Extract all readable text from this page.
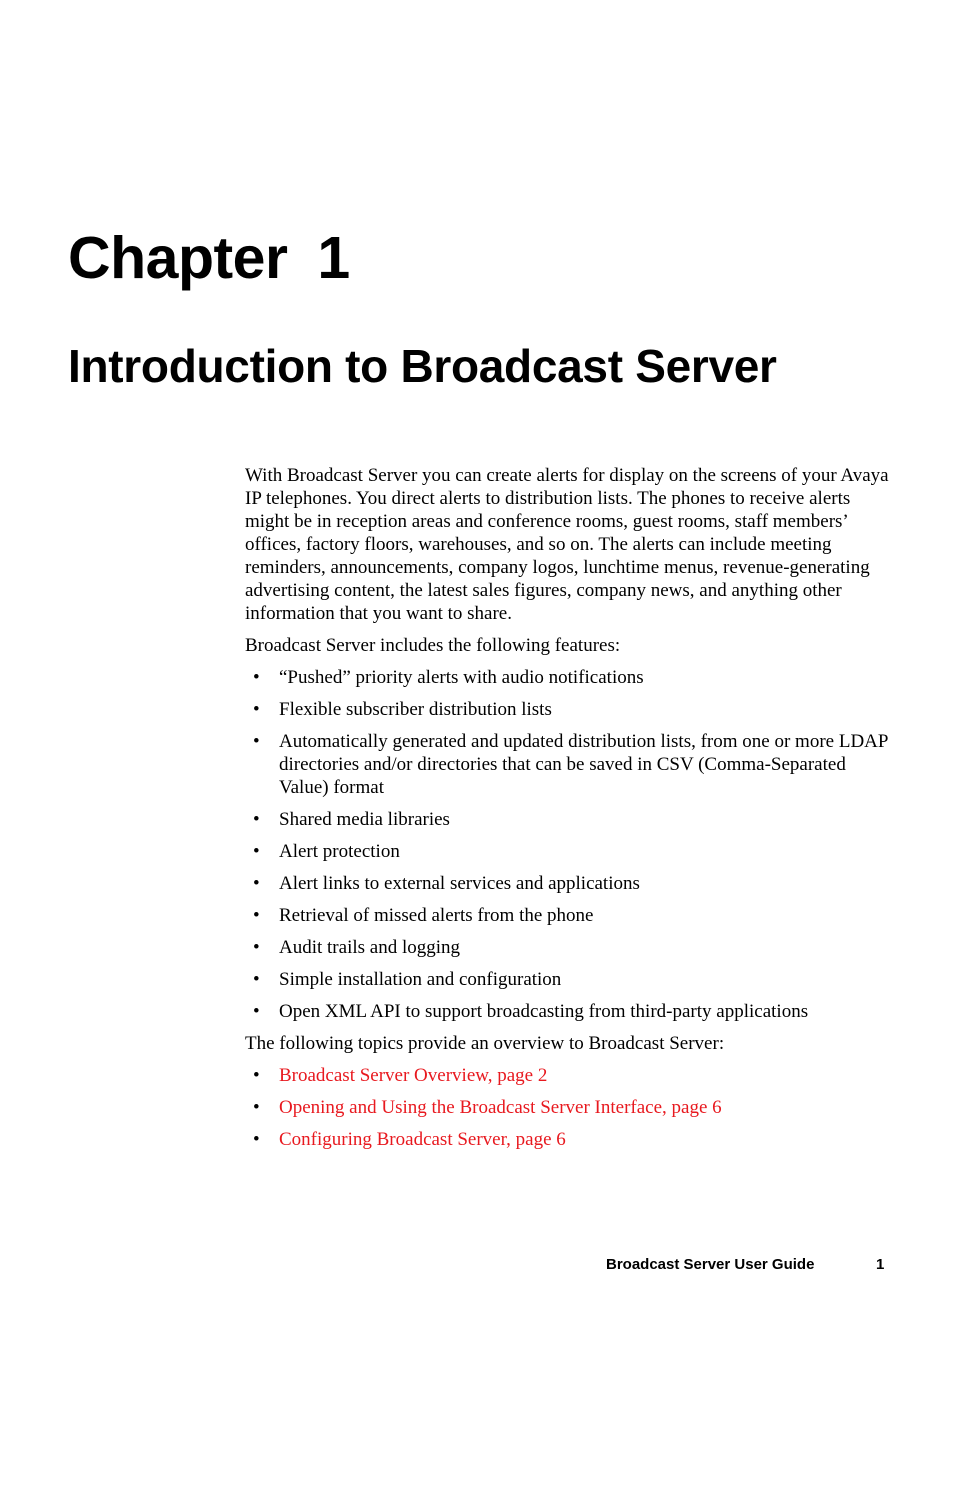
Chapter 1
Introduction to Broadcast Server

With Broadcast Server you can create alerts for display on the screens of your Avaya IP telephones. You direct alerts to distribution lists. The phones to receive alerts might be in reception areas and conference rooms, guest rooms, staff members’ offices, factory floors, warehouses, and so on. The alerts can include meeting reminders, announcements, company logos, lunchtime menus, revenue-generating advertising content, the latest sales figures, company news, and anything other information that you want to share.

Broadcast Server includes the following features:

• “Pushed” priority alerts with audio notifications
• Flexible subscriber distribution lists
• Automatically generated and updated distribution lists, from one or more LDAP directories and/or directories that can be saved in CSV (Comma-Separated Value) format
• Shared media libraries
• Alert protection
• Alert links to external services and applications
• Retrieval of missed alerts from the phone
• Audit trails and logging
• Simple installation and configuration
• Open XML API to support broadcasting from third-party applications

The following topics provide an overview to Broadcast Server:

• Broadcast Server Overview, page 2
• Opening and Using the Broadcast Server Interface, page 6
• Configuring Broadcast Server, page 6
Broadcast Server User Guide	1
